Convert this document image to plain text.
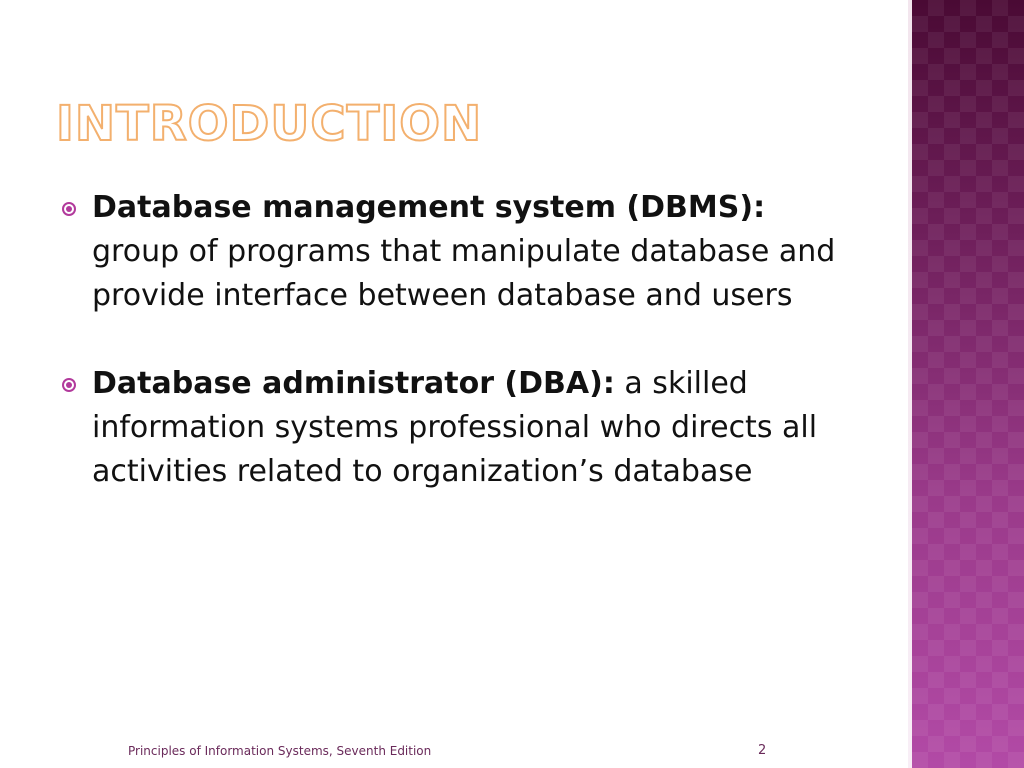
INTRODUCTION
Database management system (DBMS):
group of programs that manipulate database and provide interface between database and users
Database administrator (DBA): a skilled information systems professional who directs all activities related to organization’s database
Principles of Information Systems, Seventh Edition	2
